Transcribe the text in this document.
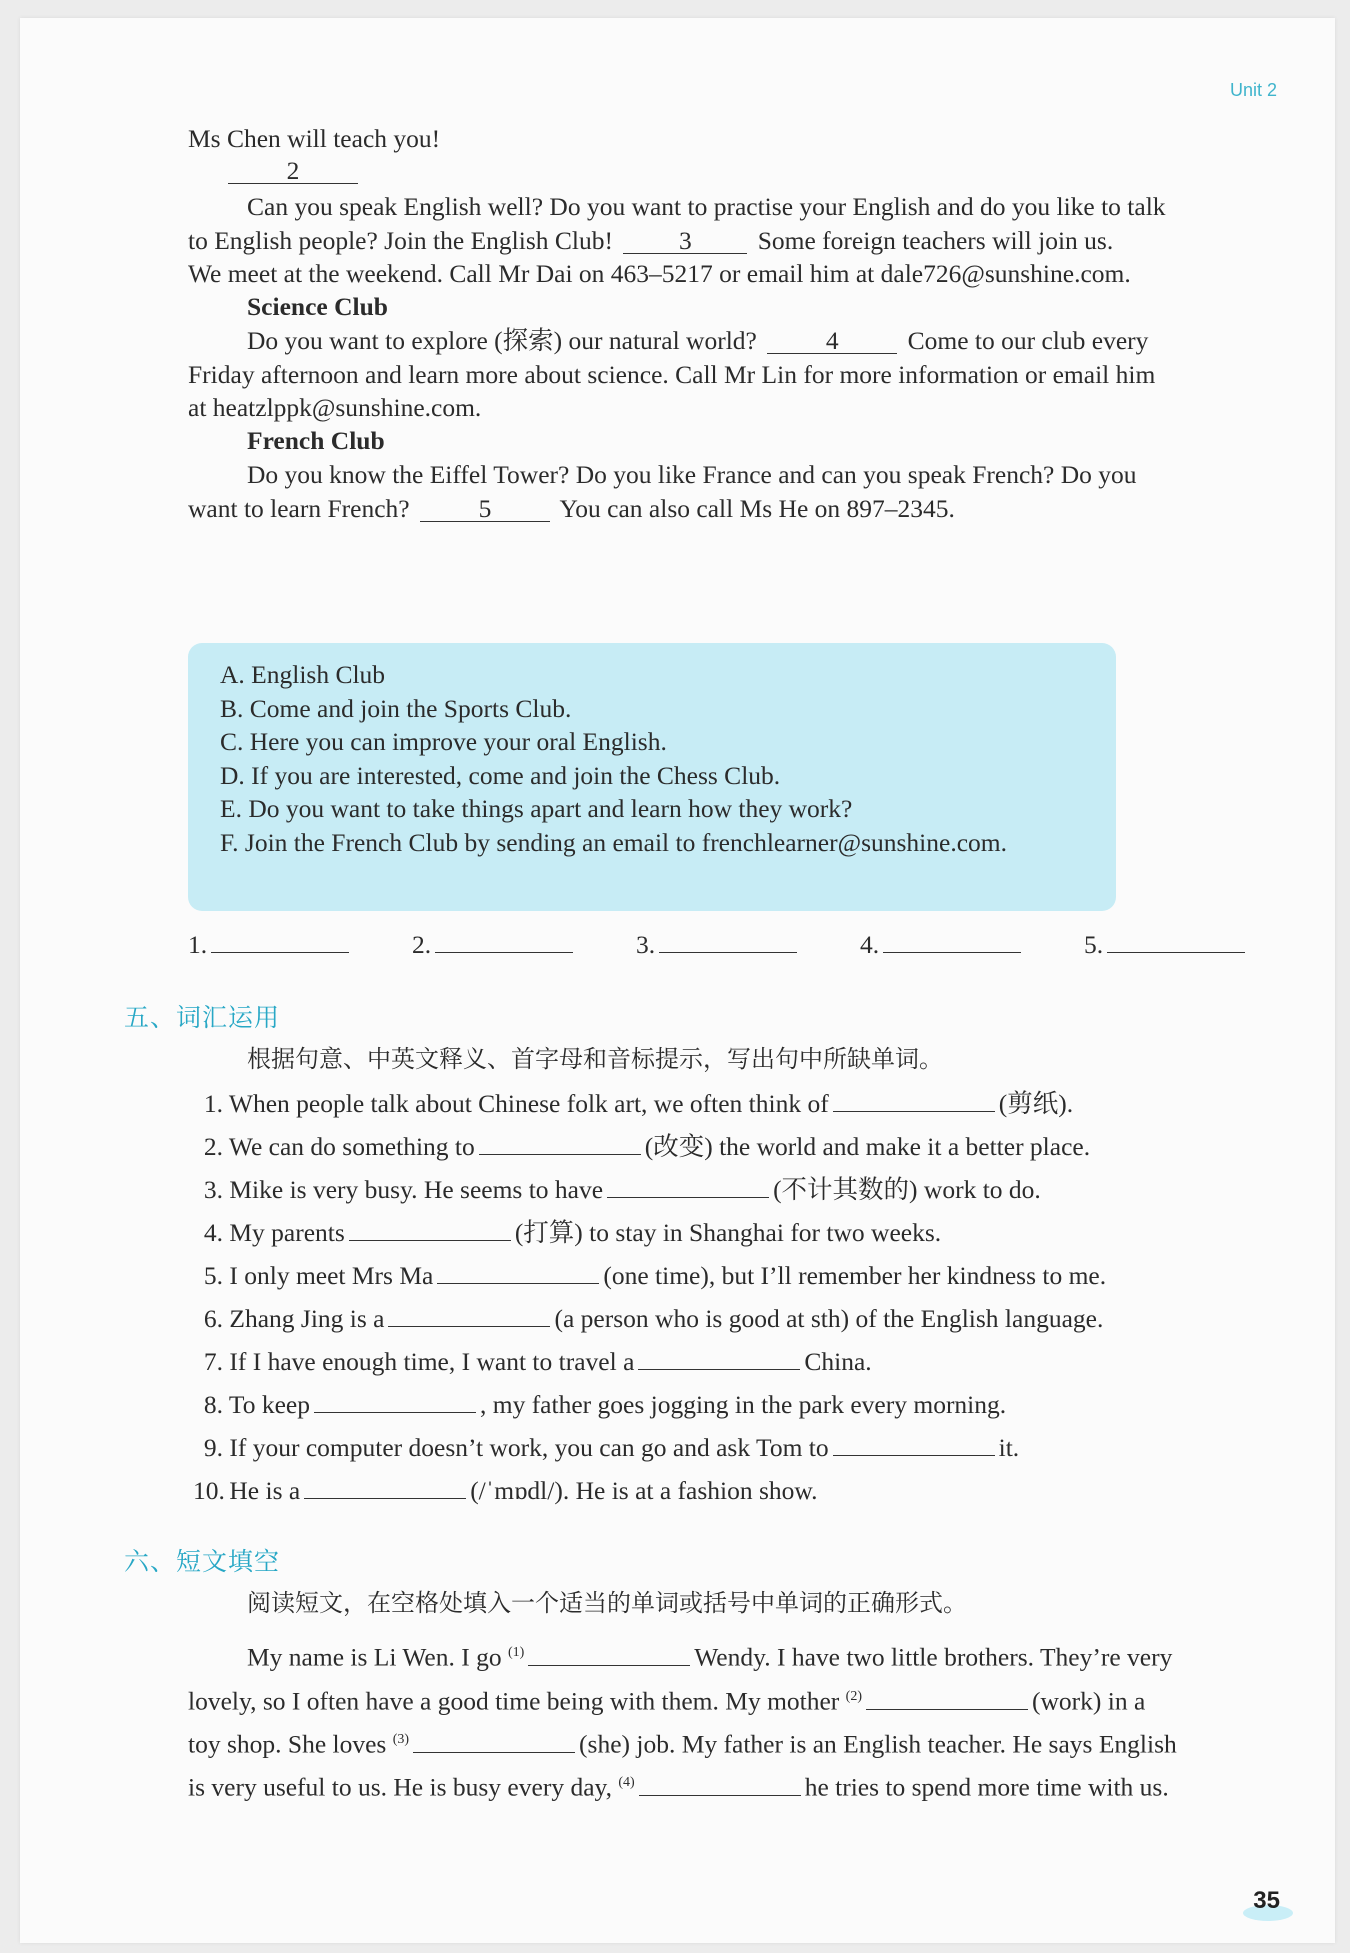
Unit 2
Ms Chen will teach you!
2
Can you speak English well? Do you want to practise your English and do you like to talk
to English people? Join the English Club!	3	Some foreign teachers will join us.
We meet at the weekend. Call Mr Dai on 463–5217 or email him at dale726@sunshine.com.
Science Club
Do you want to explore (探索) our natural world?	4	Come to our club every
Friday afternoon and learn more about science. Call Mr Lin for more information or email him
at heatzlppk@sunshine.com.
French Club
Do you know the Eiffel Tower? Do you like France and can you speak French? Do you
want to learn French?	5	You can also call Ms He on 897–2345.
A. English Club
B. Come and join the Sports Club.
C. Here you can improve your oral English.
D. If you are interested, come and join the Chess Club.
E. Do you want to take things apart and learn how they work?
F. Join the French Club by sending an email to frenchlearner@sunshine.com.
1.	2.	3.	4.	5.
五、词汇运用
根据句意、中英文释义、首字母和音标提示，写出句中所缺单词。
1. When people talk about Chinese folk art, we often think of	(剪纸).
2. We can do something to	(改变) the world and make it a better place.
3. Mike is very busy. He seems to have	(不计其数的) work to do.
4. My parents	(打算) to stay in Shanghai for two weeks.
5. I only meet Mrs Ma	(one time), but I’ll remember her kindness to me.
6. Zhang Jing is a	(a person who is good at sth) of the English language.
7. If I have enough time, I want to travel a	China.
8. To keep	, my father goes jogging in the park every morning.
9. If your computer doesn’t work, you can go and ask Tom to	it.
10. He is a	(/ˈmɒdl/). He is at a fashion show.
六、短文填空
阅读短文，在空格处填入一个适当的单词或括号中单词的正确形式。
My name is Li Wen. I go $^{(1)}$	Wendy. I have two little brothers. They’re very
lovely, so I often have a good time being with them. My mother $^{(2)}$	(work) in a
toy shop. She loves $^{(3)}$	(she) job. My father is an English teacher. He says English
is very useful to us. He is busy every day, $^{(4)}$	he tries to spend more time with us.
35
